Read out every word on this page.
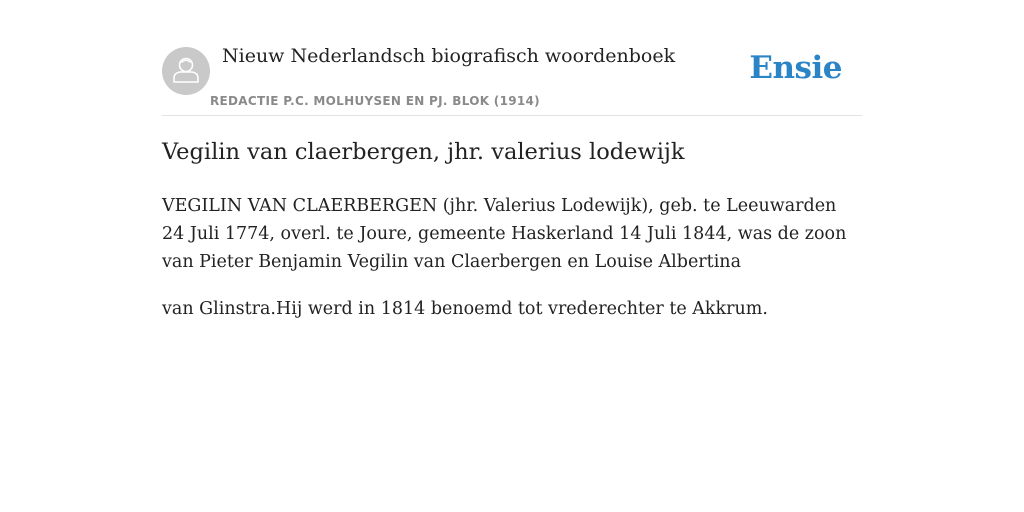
Nieuw Nederlandsch biografisch woordenboek
REDACTIE P.C. MOLHUYSEN EN PJ. BLOK (1914)
Ensie
Vegilin van claerbergen, jhr. valerius lodewijk

VEGILIN VAN CLAERBERGEN (jhr. Valerius Lodewijk), geb. te Leeuwarden 24 Juli 1774, overl. te Joure, gemeente Haskerland 14 Juli 1844, was de zoon van Pieter Benjamin Vegilin van Claerbergen en Louise Albertina

van Glinstra.Hij werd in 1814 benoemd tot vrederechter te Akkrum.
